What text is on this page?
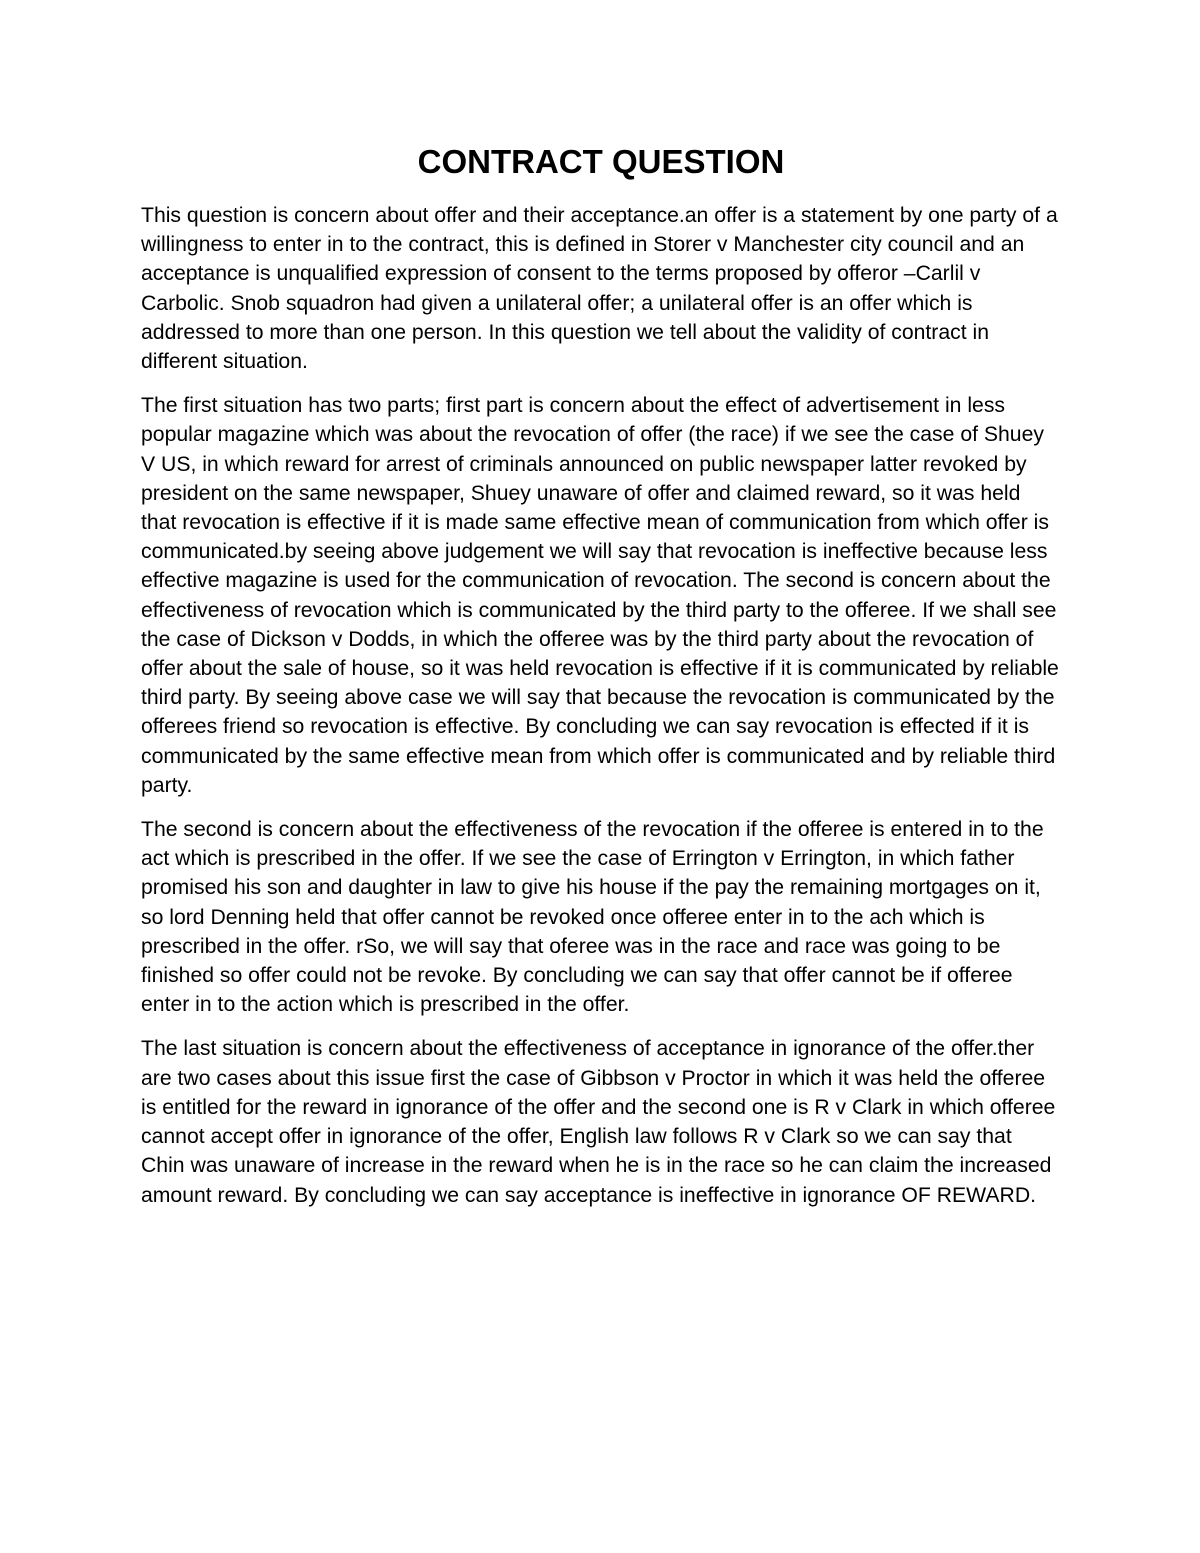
CONTRACT QUESTION

This question is concern about offer and their acceptance.an offer is a statement by one party of a willingness to enter in to the contract, this is defined in Storer v Manchester city council and an acceptance is unqualified expression of consent to the terms proposed by offeror –Carlil v Carbolic. Snob squadron had given a unilateral offer; a unilateral offer is an offer which is addressed to more than one person. In this question we tell about the validity of contract in different situation.

The first situation has two parts; first part is concern about the effect of advertisement in less popular magazine which was about the revocation of offer (the race) if we see the case of Shuey V US, in which reward for arrest of criminals announced on public newspaper latter revoked by president on the same newspaper, Shuey unaware of offer and claimed reward, so it was held that revocation is effective if it is made same effective mean of communication from which offer is communicated.by seeing above judgement we will say that revocation is ineffective because less effective magazine is used for the communication of revocation. The second is concern about the effectiveness of revocation which is communicated by the third party to the offeree. If we shall see the case of Dickson v Dodds, in which the offeree was by the third party about the revocation of offer about the sale of house, so it was held revocation is effective if it is communicated by reliable third party. By seeing above case we will say that because the revocation is communicated by the offerees friend so revocation is effective. By concluding we can say revocation is effected if it is communicated by the same effective mean from which offer is communicated and by reliable third party.

The second is concern about the effectiveness of the revocation if the offeree is entered in to the act which is prescribed in the offer. If we see the case of Errington v Errington, in which father promised his son and daughter in law to give his house if the pay the remaining mortgages on it, so lord Denning held that offer cannot be revoked once offeree enter in to the ach which is prescribed in the offer. rSo, we will say that oferee was in the race and race was going to be finished so offer could not be revoke. By concluding we can say that offer cannot be if offeree enter in to the action which is prescribed in the offer.

The last situation is concern about the effectiveness of acceptance in ignorance of the offer.ther are two cases about this issue first the case of Gibbson v Proctor in which it was held the offeree is entitled for the reward in ignorance of the offer and the second one is R v Clark in which offeree cannot accept offer in ignorance of the offer, English law follows R v Clark so we can say that Chin was unaware of increase in the reward when he is in the race so he can claim the increased amount reward. By concluding we can say acceptance is ineffective in ignorance OF REWARD.
